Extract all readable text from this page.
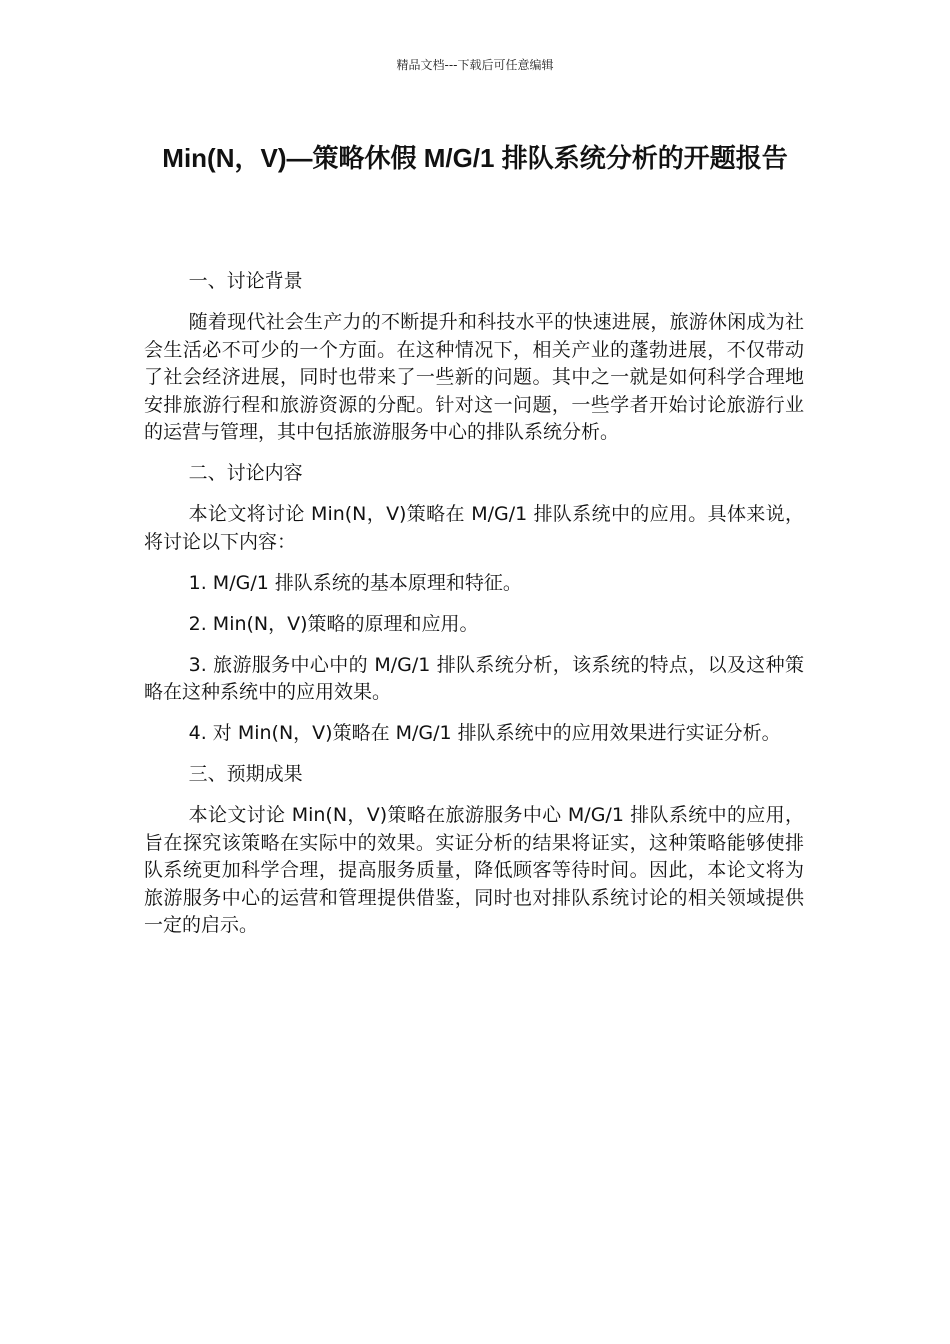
精品文档---下载后可任意编辑
Min(N，V)—策略休假 M/G/1 排队系统分析的开题报告
一、讨论背景

随着现代社会生产力的不断提升和科技水平的快速进展，旅游休闲成为社会生活必不可少的一个方面。在这种情况下，相关产业的蓬勃进展，不仅带动了社会经济进展，同时也带来了一些新的问题。其中之一就是如何科学合理地安排旅游行程和旅游资源的分配。针对这一问题，一些学者开始讨论旅游行业的运营与管理，其中包括旅游服务中心的排队系统分析。

二、讨论内容

本论文将讨论 Min(N，V)策略在 M/G/1 排队系统中的应用。具体来说，将讨论以下内容：

1. M/G/1 排队系统的基本原理和特征。

2. Min(N，V)策略的原理和应用。

3. 旅游服务中心中的 M/G/1 排队系统分析，该系统的特点，以及这种策略在这种系统中的应用效果。

4. 对 Min(N，V)策略在 M/G/1 排队系统中的应用效果进行实证分析。

三、预期成果

本论文讨论 Min(N，V)策略在旅游服务中心 M/G/1 排队系统中的应用，旨在探究该策略在实际中的效果。实证分析的结果将证实，这种策略能够使排队系统更加科学合理，提高服务质量，降低顾客等待时间。因此，本论文将为旅游服务中心的运营和管理提供借鉴，同时也对排队系统讨论的相关领域提供一定的启示。
